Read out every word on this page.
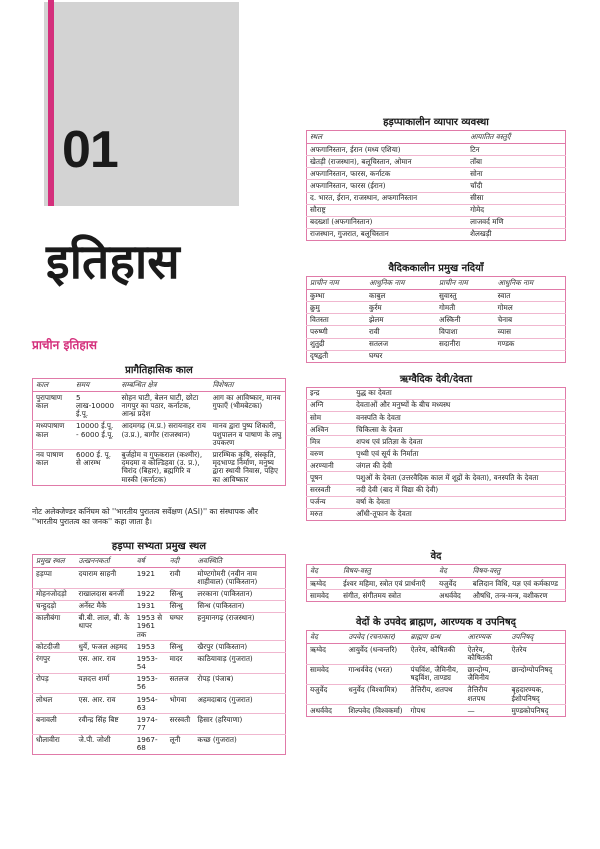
01
इतिहास
प्राचीन इतिहास
प्रागैतिहासिक काल
काल	समय	सम्बन्धित क्षेत्र	विशेषता
पुरापाषाण काल	5 लाख-10000 ई.पू.	सोहन घाटी, बेलन घाटी, छोटा नागपुर का पठार, कर्नाटक, आन्ध्र प्रदेश	आग का आविष्कार, मानव गुफाएँ (भीमबेटका)
मध्यपाषाण काल	10000 ई.पू. - 6000 ई.पू.	आदमगढ़ (म.प्र.) सरायनाहर राय (उ.प्र.), बागौर (राजस्थान)	मानव द्वारा पुष्प शिकारी, पशुपालन व पाषाण के लघु उपकरण
नव पाषाण काल	6000 ई. पू. से आरम्भ	बुर्जहोम व गुफकराल (कश्मीर), दमदमा व कोल्डिहवा (उ. प्र.), चिरांद (बिहार), ब्रह्मगिरि व मास्की (कर्नाटक)	प्रारम्भिक कृषि, संस्कृति, मृदभाण्ड निर्माण, मनुष्य द्वारा स्थायी निवास, पहिए का आविष्कार
नोट अलेक्जेण्डर कनिंघम को ''भारतीय पुरातत्व सर्वेक्षण (ASI)'' का संस्थापक और ''भारतीय पुरातत्व का जनक'' कहा जाता है।
हड़प्पा सभ्यता प्रमुख स्थल
प्रमुख स्थल	उत्खननकर्ता	वर्ष	नदी	अवस्थिति
हड़प्पा	दयाराम साहनी	1921	रावी	मोण्टगोमरी (नवीन नाम शाहीवाल) (पाकिस्तान)
मोहनजोदड़ो	राखालदास बनर्जी	1922	सिन्धु	लरकाना (पाकिस्तान)
चन्हुदड़ो	अर्नेस्ट मैके	1931	सिन्धु	सिन्ध (पाकिस्तान)
कालीबंगा	बी.बी. लाल, बी. के थापर	1953 से 1961 तक	घग्घर	हनुमानगढ़ (राजस्थान)
कोटदीजी	धुर्ये, फजल अहमद	1953	सिन्धु	खैरपुर (पाकिस्तान)
रंगपुर	एस. आर. राव	1953-54	मादर	काठियावाड़ (गुजरात)
रोपड़	यज्ञदत्त शर्मा	1953-56	सतलज	रोपड़ (पंजाब)
लोथल	एस. आर. राव	1954-63	भोगवा	अहमदाबाद (गुजरात)
बनावली	रवीन्द्र सिंह बिष्ट	1974-77	सरस्वती	हिसार (हरियाणा)
धौलावीरा	जे.पी. जोशी	1967-68	लूनी	कच्छ (गुजरात)
हड़प्पाकालीन व्यापार व्यवस्था
स्थल	आयातित वस्तुएँ
अफगानिस्तान, ईरान (मध्य एशिया)	टिन
खेतड़ी (राजस्थान), बलूचिस्तान, ओमान	ताँबा
अफगानिस्तान, फारस, कर्नाटक	सोना
अफगानिस्तान, फारस (ईरान)	चाँदी
द. भारत, ईरान, राजस्थान, अफगानिस्तान	सीसा
सौराष्ट्र	गोमेद
बदख्शां (अफगानिस्तान)	लाजवर्द मणि
राजस्थान, गुजरात, बलूचिस्तान	शैलखड़ी
वैदिककालीन प्रमुख नदियाँ
प्राचीन नाम	आधुनिक नाम	प्राचीन नाम	आधुनिक नाम
कुम्भा	काबुल	सुवास्तु	स्वात
क्रुमु	कुर्रम	गोमती	गोमल
वितस्ता	झेलम	अस्किनी	चेनाब
परुष्णी	रावी	विपाशा	व्यास
शुतुद्री	सतलज	सदानीरा	गण्डक
दृषद्वती	घग्घर		
ऋग्वैदिक देवी/देवता
इन्द्र	युद्ध का देवता
अग्नि	देवताओं और मनुष्यों के बीच मध्यस्थ
सोम	वनस्पति के देवता
अश्विन	चिकित्सा के देवता
मित्र	शपथ एवं प्रतिज्ञा के देवता
वरुण	पृथ्वी एवं सूर्य के निर्माता
अरण्यानी	जंगल की देवी
पूषन	पशुओं के देवता (उत्तरवैदिक काल में शूद्रों के देवता), वनस्पति के देवता
सरस्वती	नदी देवी (बाद में विद्या की देवी)
पर्जन्य	वर्षा के देवता
मरुत	आँधी-तूफान के देवता
वेद
वेद	विषय-वस्तु	वेद	विषय-वस्तु
ऋग्वेद	ईश्वर महिमा, स्त्रोत एवं प्रार्थनाएँ	यजुर्वेद	बलिदान विधि, यज्ञ एवं कर्मकाण्ड
सामवेद	संगीत, संगीतमय स्त्रोत	अथर्ववेद	औषधि, तन्त्र-मन्त्र, वशीकरण
वेदों के उपवेद ब्राह्मण, आरण्यक व उपनिषद्
वेद	उपवेद (रचनाकार)	ब्राह्मण ग्रन्थ	आरण्यक	उपनिषद्
ऋग्वेद	आयुर्वेद (धन्वन्तरि)	ऐतरेय, कौषितकी	ऐतरेय, कौषितकी	ऐतरेय
सामवेद	गान्धर्ववेद (भरत)	पंचविंश, जैमिनीय, षड्विंश, ताण्ड्य	छान्दोग्य, जैमिनीय	छान्दोग्योपनिषद्
यजुर्वेद	धनुर्वेद (विश्वामित्र)	तैत्तिरीय, शतपथ	तैत्तिरीय शतपथ	बृहदारण्यक, ईशोपनिषद्
अथर्ववेद	शिल्पवेद (विश्वकर्मा)	गोपथ	—	मुण्डकोपनिषद्
